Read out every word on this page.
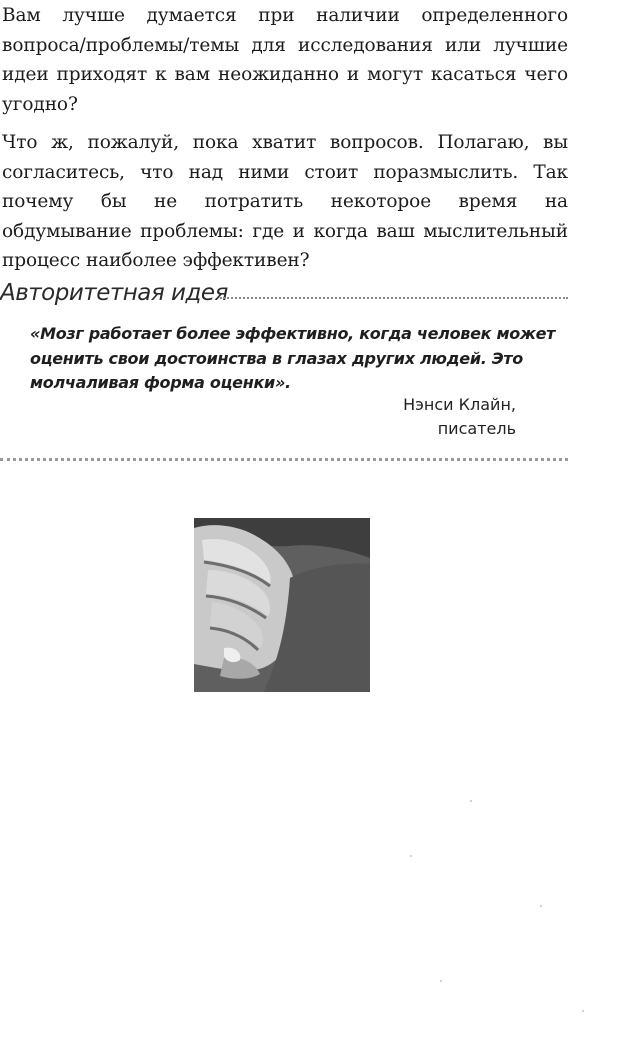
Вам лучше думается при наличии определенного вопроса/проблемы/темы для исследования или лучшие идеи приходят к вам неожиданно и могут касаться чего угодно?

Что ж, пожалуй, пока хватит вопросов. Полагаю, вы согласитесь, что над ними стоит поразмыслить. Так почему бы не потратить некоторое время на обдумывание проблемы: где и когда ваш мыслительный процесс наиболее эффективен?

Авторитетная идея

«Мозг работает более эффективно, когда человек может оценить свои достоинства в глазах других людей. Это молчаливая форма оценки».

Нэнси Клайн,
писатель
